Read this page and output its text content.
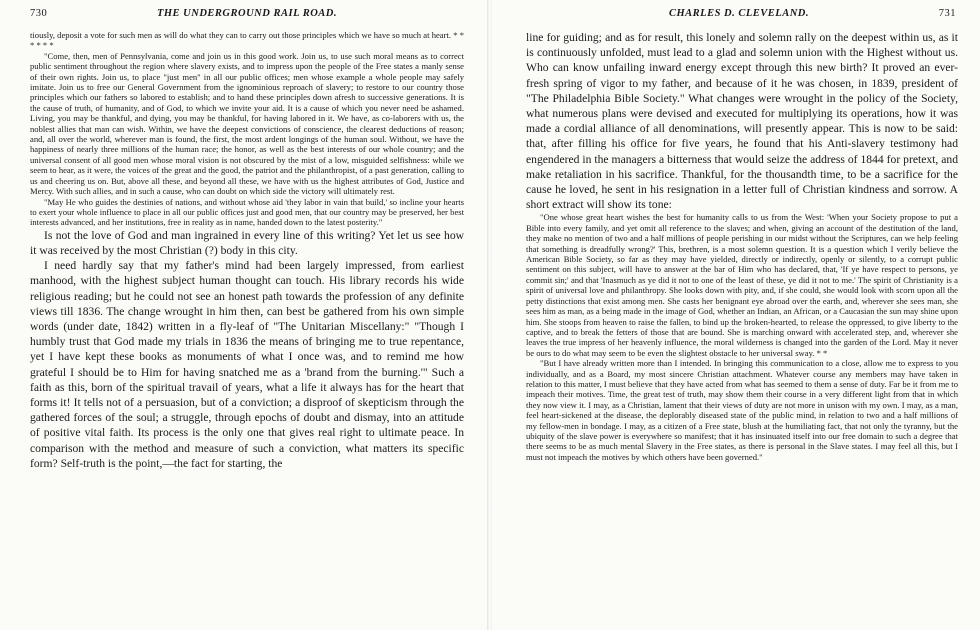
730	THE UNDERGROUND RAIL ROAD.

tiously, deposit a vote for such men as will do what they can to carry out those principles which we have so much at heart. * * * * * *

"Come, then, men of Pennsylvania, come and join us in this good work. Join us, to use such moral means as to correct public sentiment throughout the region where slavery exists, and to impress upon the people of the Free states a manly sense of their own rights. Join us, to place "just men" in all our public offices; men whose example a whole people may safely imitate. Join us to free our General Government from the ignominious reproach of slavery; to restore to our country those principles which our fathers so labored to establish; and to hand these principles down afresh to successive generations. It is the cause of truth, of humanity, and of God, to which we invite your aid. It is a cause of which you never need be ashamed. Living, you may be thankful, and dying, you may be thankful, for having labored in it. We have, as co-laborers with us, the noblest allies that man can wish. Within, we have the deepest convictions of conscience, the clearest deductions of reason; and, all over the world, wherever man is found, the first, the most ardent longings of the human soul. Without, we have the happiness of nearly three millions of the human race; the honor, as well as the best interests of our whole country; and the universal consent of all good men whose moral vision is not obscured by the mist of a low, misguided selfishness: while we seem to hear, as it were, the voices of the great and the good, the patriot and the philanthropist, of a past generation, calling to us and cheering us on. But, above all these, and beyond all these, we have with us the highest attributes of God, Justice and Mercy. With such allies, and in such a cause, who can doubt on which side the victory will ultimately rest.

"May He who guides the destinies of nations, and without whose aid 'they labor in vain that build,' so incline your hearts to exert your whole influence to place in all our public offices just and good men, that our country may be preserved, her best interests advanced, and her institutions, free in reality as in name, handed down to the latest posterity."

Is not the love of God and man ingrained in every line of this writing? Yet let us see how it was received by the most Christian (?) body in this city.

I need hardly say that my father's mind had been largely impressed, from earliest manhood, with the highest subject human thought can touch. His library records his wide religious reading; but he could not see an honest path towards the profession of any definite views till 1836. The change wrought in him then, can best be gathered from his own simple words (under date, 1842) written in a fly-leaf of "The Unitarian Miscellany:" "Though I humbly trust that God made my trials in 1836 the means of bringing me to true repentance, yet I have kept these books as monuments of what I once was, and to remind me how grateful I should be to Him for having snatched me as a 'brand from the burning.'" Such a faith as this, born of the spiritual travail of years, what a life it always has for the heart that forms it! It tells not of a persuasion, but of a conviction; a disproof of skepticism through the gathered forces of the soul; a struggle, through epochs of doubt and dismay, into an attitude of positive vital faith. Its process is the only one that gives real right to ultimate peace. In comparison with the method and measure of such a conviction, what matters its specific form? Self-truth is the point,—the fact for starting, the

CHARLES D. CLEVELAND.	731

line for guiding; and as for result, this lonely and solemn rally on the deepest within us, as it is continuously unfolded, must lead to a glad and solemn union with the Highest without us. Who can know unfailing inward energy except through this new birth? It proved an ever-fresh spring of vigor to my father, and because of it he was chosen, in 1839, president of "The Philadelphia Bible Society." What changes were wrought in the policy of the Society, what numerous plans were devised and executed for multiplying its operations, how it was made a cordial alliance of all denominations, will presently appear. This is now to be said: that, after filling his office for five years, he found that his Anti-slavery testimony had engendered in the managers a bitterness that would seize the address of 1844 for pretext, and make retaliation in his sacrifice. Thankful, for the thousandth time, to be a sacrifice for the cause he loved, he sent in his resignation in a letter full of Christian kindness and sorrow. A short extract will show its tone:

"One whose great heart wishes the best for humanity calls to us from the West: 'When your Society propose to put a Bible into every family, and yet omit all reference to the slaves; and when, giving an account of the destitution of the land, they make no mention of two and a half millions of people perishing in our midst without the Scriptures, can we help feeling that something is dreadfully wrong?' This, brethren, is a most solemn question. It is a question which I verily believe the American Bible Society, so far as they may have yielded, directly or indirectly, openly or silently, to a corrupt public sentiment on this subject, will have to answer at the bar of Him who has declared, that, 'If ye have respect to persons, ye commit sin;' and that 'Inasmuch as ye did it not to one of the least of these, ye did it not to me.' The spirit of Christianity is a spirit of universal love and philanthropy. She looks down with pity, and, if she could, she would look with scorn upon all the petty distinctions that exist among men. She casts her benignant eye abroad over the earth, and, wherever she sees man, she sees him as man, as a being made in the image of God, whether an Indian, an African, or a Caucasian the sun may shine upon him. She stoops from heaven to raise the fallen, to bind up the broken-hearted, to release the oppressed, to give liberty to the captive, and to break the fetters of those that are bound. She is marching onward with accelerated step, and, wherever she leaves the true impress of her heavenly influence, the moral wilderness is changed into the garden of the Lord. May it never be ours to do what may seem to be even the slightest obstacle to her universal sway. * *

"But I have already written more than I intended. In bringing this communication to a close, allow me to express to you individually, and as a Board, my most sincere Christian attachment. Whatever course any members may have taken in relation to this matter, I must believe that they have acted from what has seemed to them a sense of duty. Far be it from me to impeach their motives. Time, the great test of truth, may show them their course in a very different light from that in which they now view it. I may, as a Christian, lament that their views of duty are not more in unison with my own. I may, as a man, feel heart-sickened at the disease, the deplorably diseased state of the public mind, in relation to two and a half millions of my fellow-men in bondage. I may, as a citizen of a Free state, blush at the humiliating fact, that not only the tyranny, but the ubiquity of the slave power is everywhere so manifest; that it has insinuated itself into our free domain to such a degree that there seems to be as much mental Slavery in the Free states, as there is personal in the Slave states. I may feel all this, but I must not impeach the motives by which others have been governed."
